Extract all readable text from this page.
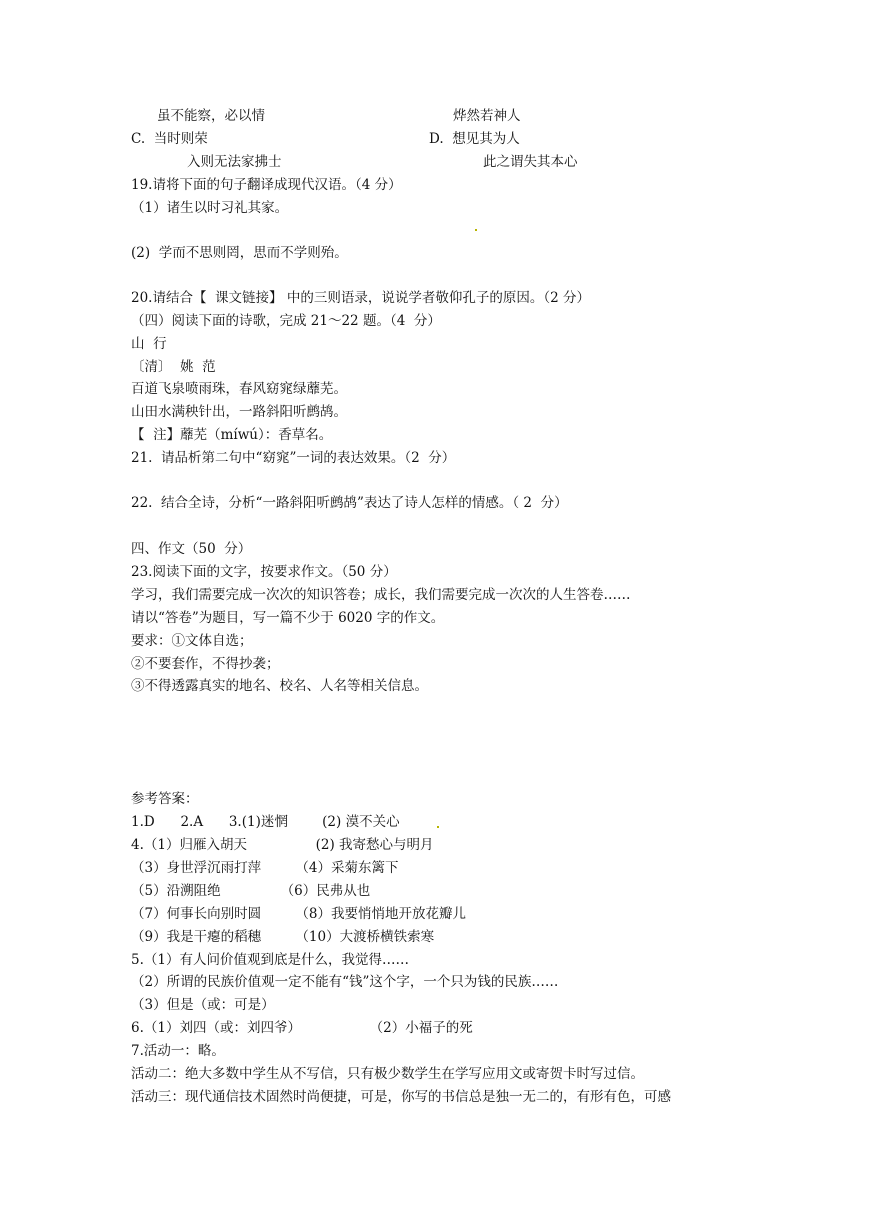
虽不能察，必以情	烨然若神人
C.  当时则荣	D.  想见其为人
入则无法家拂士	此之谓失其本心
19.请将下面的句子翻译成现代汉语。（4 分）
（1）诸生以时习礼其家。
(2)  学而不思则罔，思而不学则殆。
20.请结合【  课文链接】 中的三则语录，说说学者敬仰孔子的原因。（2 分）
（四）阅读下面的诗歌，完成 21～22 题。（4  分）
山  行
〔清〕  姚  范
百道飞泉喷雨珠，春风窈窕绿蘼芜。
山田水满秧针出，一路斜阳听鹧鸪。
【  注】蘼芜（míwú）：香草名。
21.  请品析第二句中“窈窕”一词的表达效果。（2  分）
22.  结合全诗，分析“一路斜阳听鹧鸪”表达了诗人怎样的情感。（ 2  分）
四、作文（50  分）
23.阅读下面的文字，按要求作文。（50 分）
学习，我们需要完成一次次的知识答卷；成长，我们需要完成一次次的人生答卷……
请以“答卷”为题目，写一篇不少于 6020 字的作文。
要求：①文体自选；
②不要套作，不得抄袭；
③不得透露真实的地名、校名、人名等相关信息。
参考答案：
1.D      2.A      3.(1)迷惘        (2) 漠不关心
4.（1）归雁入胡天                (2) 我寄愁心与明月
（3）身世浮沉雨打萍        （4）采菊东篱下
（5）沿溯阻绝              （6）民弗从也
（7）何事长向别时圆        （8）我要悄悄地开放花瓣儿
（9）我是干瘪的稻穗        （10）大渡桥横铁索寒
5.（1）有人问价值观到底是什么，我觉得……
（2）所谓的民族价值观一定不能有“钱”这个字，一个只为钱的民族……
（3）但是（或：可是）
6.（1）刘四（或：刘四爷）                （2）小福子的死
7.活动一：略。
活动二：绝大多数中学生从不写信，只有极少数学生在学写应用文或寄贺卡时写过信。
活动三：现代通信技术固然时尚便捷，可是，你写的书信总是独一无二的，有形有色，可感
